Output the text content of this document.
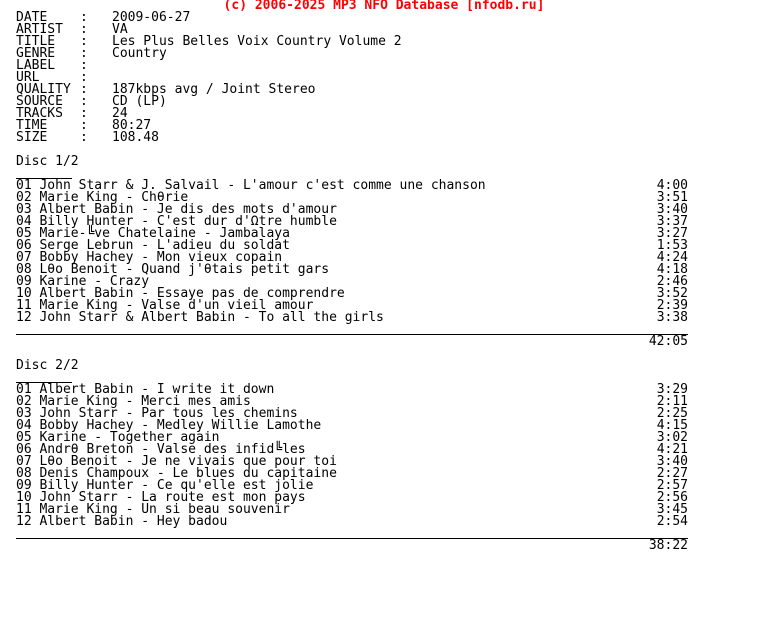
(c) 2006-2025 MP3 NFO Database [nfodb.ru]
DATE	:	2009-06-27
ARTIST	:	VA
TITLE	:	Les Plus Belles Voix Country Volume 2
GENRE	:	Country
LABEL	:
URL	:
QUALITY :	187kbps avg / Joint Stereo
SOURCE	:	CD (LP)
TRACKS	:	24
TIME	:	80:27
SIZE	:	108.48
Disc 1/2
01 John Starr & J. Salvail - L'amour c'est comme une chanson	4:00
02 Marie King - Chθrie	3:51
03 Albert Babin - Je dis des mots d'amour	3:40
04 Billy Hunter - C'est dur d'Ωtre humble	3:37
05 Marie-╚ve Chatelaine - Jambalaya	3:27
06 Serge Lebrun - L'adieu du soldat	1:53
07 Bobby Hachey - Mon vieux copain	4:24
08 Lθo Benoit - Quand j'θtais petit gars	4:18
09 Karine - Crazy	2:46
10 Albert Babin - Essaye pas de comprendre	3:52
11 Marie King - Valse d'un vieil amour	2:39
12 John Starr & Albert Babin - To all the girls	3:38
42:05
Disc 2/2
01 Albert Babin - I write it down	3:29
02 Marie King - Merci mes amis	2:11
03 John Starr - Par tous les chemins	2:25
04 Bobby Hachey - Medley Willie Lamothe	4:15
05 Karine - Together again	3:02
06 Andrθ Breton - Valse des infid╚les	4:21
07 Lθo Benoit - Je ne vivais que pour toi	3:40
08 Denis Champoux - Le blues du capitaine	2:27
09 Billy Hunter - Ce qu'elle est jolie	2:57
10 John Starr - La route est mon pays	2:56
11 Marie King - Un si beau souvenir	3:45
12 Albert Babin - Hey badou	2:54
38:22
